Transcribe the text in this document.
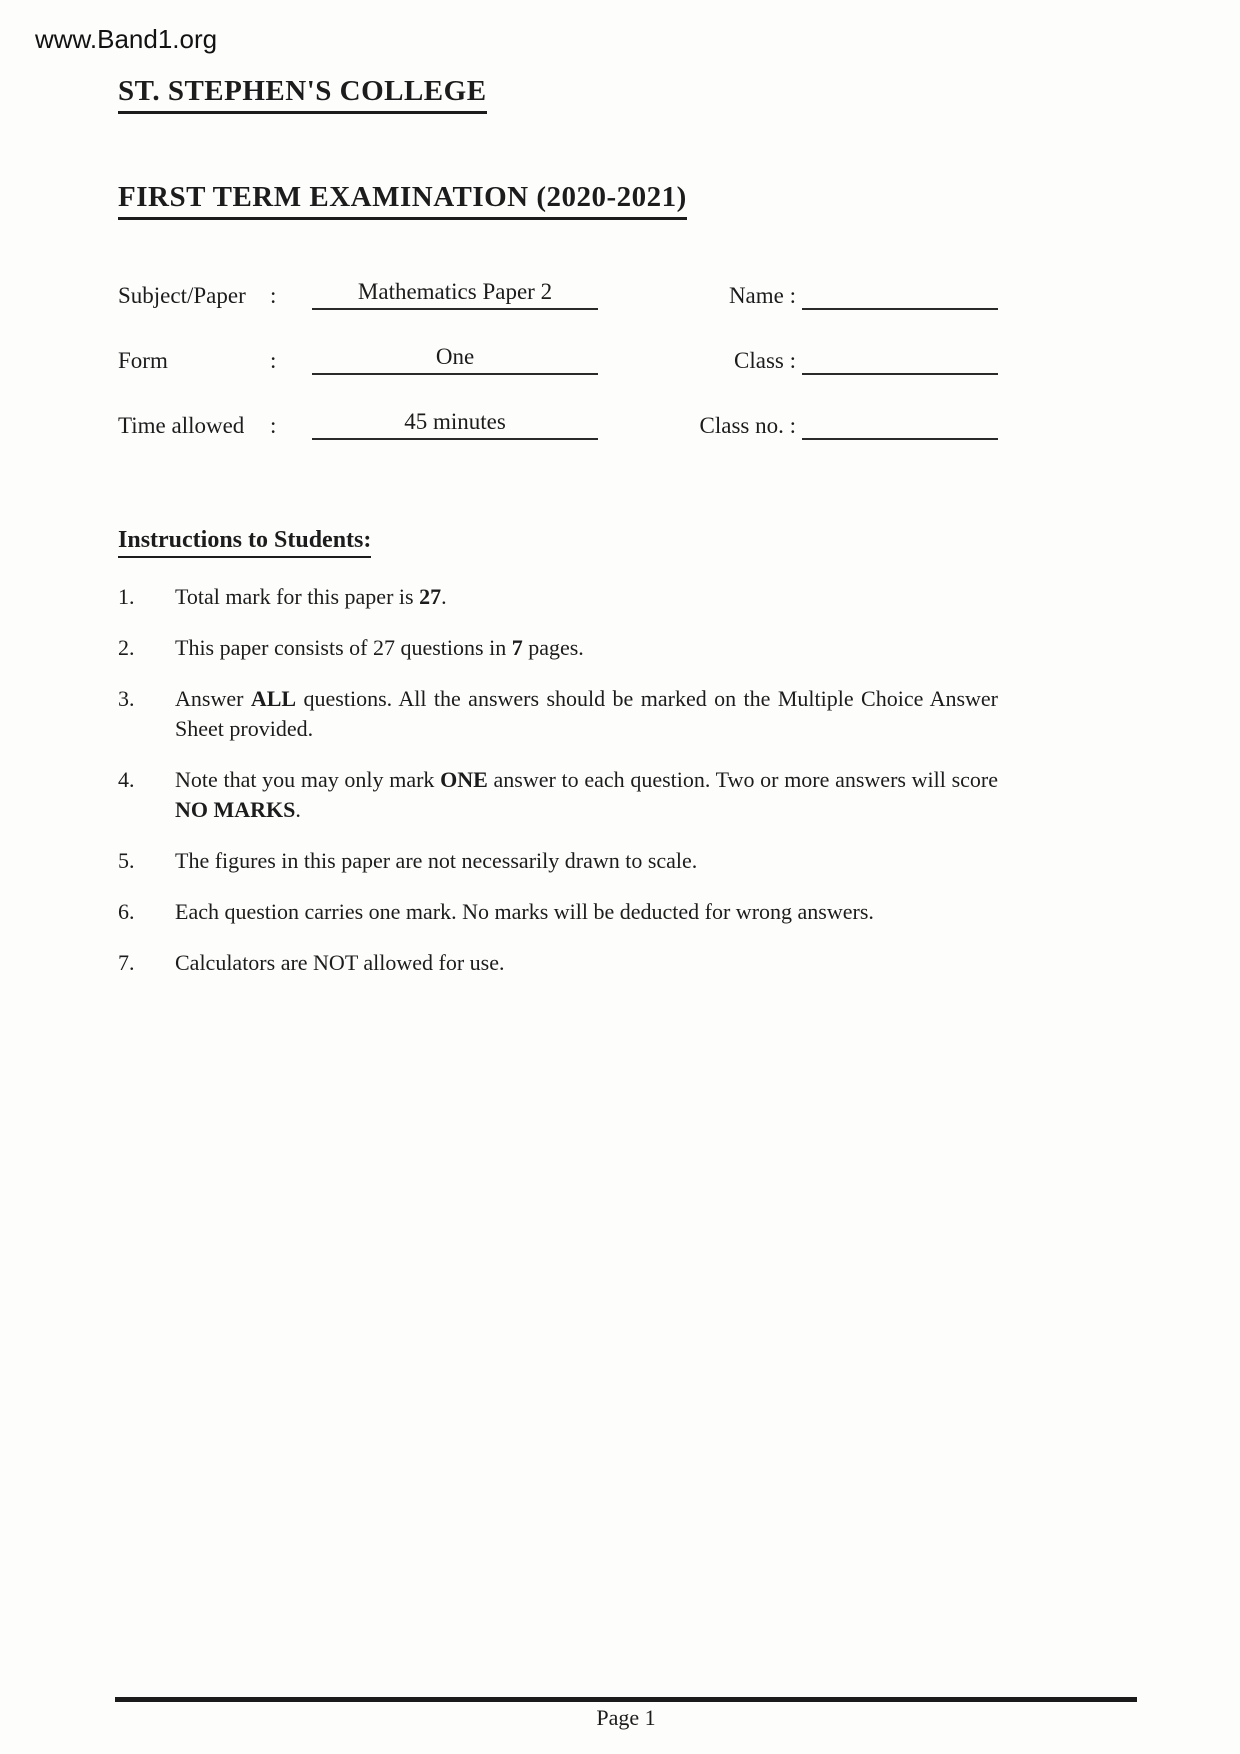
www.Band1.org
ST. STEPHEN'S COLLEGE
FIRST TERM EXAMINATION (2020-2021)
Subject/Paper	:	Mathematics Paper 2	Name :
Form	:	One	Class :
Time allowed	:	45 minutes	Class no. :
Instructions to Students:
1.	Total mark for this paper is 27.
2.	This paper consists of 27 questions in 7 pages.
3.	Answer ALL questions. All the answers should be marked on the Multiple Choice Answer Sheet provided.
4.	Note that you may only mark ONE answer to each question. Two or more answers will score NO MARKS.
5.	The figures in this paper are not necessarily drawn to scale.
6.	Each question carries one mark. No marks will be deducted for wrong answers.
7.	Calculators are NOT allowed for use.
Page 1
